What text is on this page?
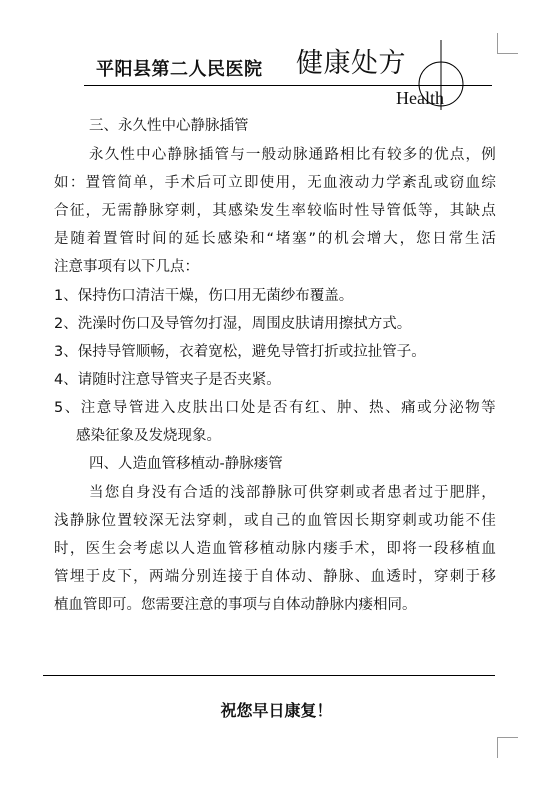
平阳县第二人民医院 健康处方
Health
三、永久性中心静脉插管
永 久 性 中 心 静 脉 插 管 与 一 般 动 脉 通 路 相 比 有 较 多 的 优 点 ， 例
如 ： 置 管 简 单 ， 手 术 后 可 立 即 使 用 ， 无 血 液 动 力 学 紊 乱 或 窃 血 综
合 征 ， 无 需 静 脉 穿 刺 ， 其 感 染 发 生 率 较 临 时 性 导 管 低 等 ， 其 缺 点
是 随 着 置 管 时 间 的 延 长 感 染 和 “ 堵 塞 ” 的 机 会 增 大 ， 您 日 常 生 活
注意事项有以下几点：
1、保持伤口清洁干燥，伤口用无菌纱布覆盖。
2、洗澡时伤口及导管勿打湿，周围皮肤请用擦拭方式。
3、保持导管顺畅，衣着宽松，避免导管打折或拉扯管子。
4、请随时注意导管夹子是否夹紧。
5 、 注 意 导 管 进 入 皮 肤 出 口 处 是 否 有 红 、 肿 、 热 、 痛 或 分 泌 物 等
感染征象及发烧现象。
四、人造血管移植动-静脉瘘管
当 您 自 身 没 有 合 适 的 浅 部 静 脉 可 供 穿 刺 或 者 患 者 过 于 肥 胖 ，
浅 静 脉 位 置 较 深 无 法 穿 刺 ， 或 自 己 的 血 管 因 长 期 穿 刺 或 功 能 不 佳
时 ， 医 生 会 考 虑 以 人 造 血 管 移 植 动 脉 内 瘘 手 术 ， 即 将 一 段 移 植 血
管 埋 于 皮 下 ， 两 端 分 别 连 接 于 自 体 动 、 静 脉 、 血 透 时 ， 穿 刺 于 移
植血管即可。您需要注意的事项与自体动静脉内瘘相同。
祝您早日康复！
